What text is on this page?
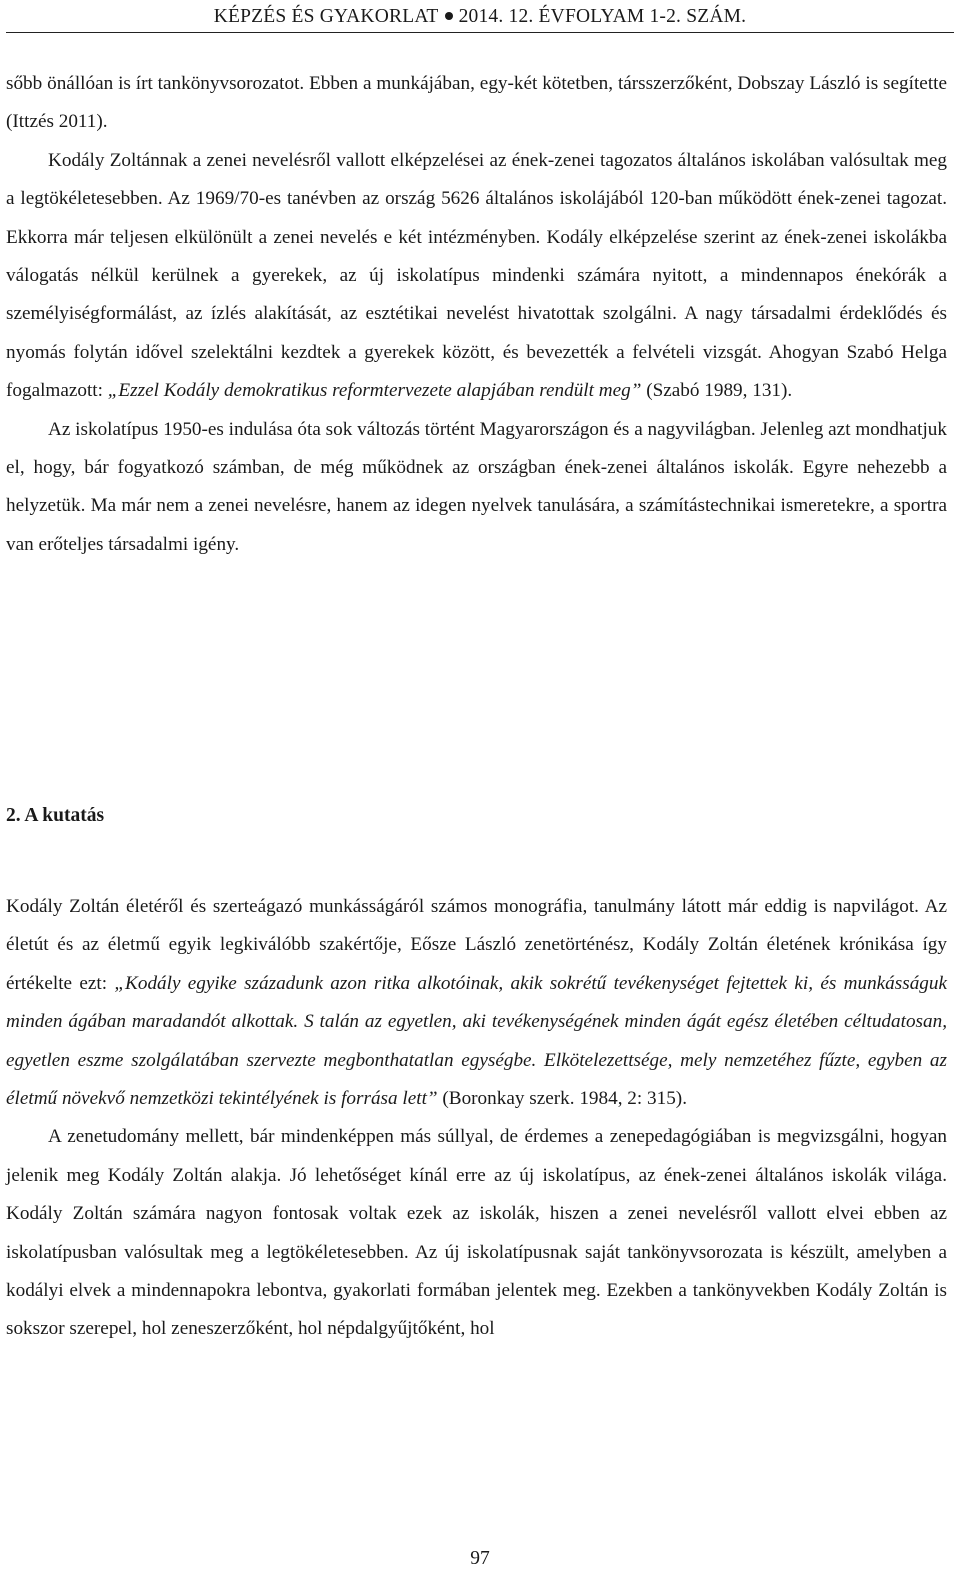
KÉPZÉS ÉS GYAKORLAT 2014. 12. ÉVFOLYAM 1-2. SZÁM.

sőbb önállóan is írt tankönyvsorozatot. Ebben a munkájában, egy-két kötetben, társszerzőként, Dobszay László is segítette (Ittzés 2011).

Kodály Zoltánnak a zenei nevelésről vallott elképzelései az ének-zenei tagozatos általános iskolában valósultak meg a legtökéletesebben. Az 1969/70-es tanévben az ország 5626 általános iskolájából 120-ban működött ének-zenei tagozat. Ekkorra már teljesen elkülönült a zenei nevelés e két intézményben. Kodály elképzelése szerint az ének-zenei iskolákba válogatás nélkül kerülnek a gyerekek, az új iskolatípus mindenki számára nyitott, a mindennapos énekórák a személyiségformálást, az ízlés alakítását, az esztétikai nevelést hivatottak szolgálni. A nagy társadalmi érdeklődés és nyomás folytán idővel szelektálni kezdtek a gyerekek között, és bevezették a felvételi vizsgát. Ahogyan Szabó Helga fogalmazott: „Ezzel Kodály demokratikus reformtervezete alapjában rendült meg” (Szabó 1989, 131).

Az iskolatípus 1950-es indulása óta sok változás történt Magyarországon és a nagyvilágban. Jelenleg azt mondhatjuk el, hogy, bár fogyatkozó számban, de még működnek az országban ének-zenei általános iskolák. Egyre nehezebb a helyzetük. Ma már nem a zenei nevelésre, hanem az idegen nyelvek tanulására, a számítástechnikai ismeretekre, a sportra van erőteljes társadalmi igény.

2. A kutatás

Kodály Zoltán életéről és szerteágazó munkásságáról számos monográfia, tanulmány látott már eddig is napvilágot. Az életút és az életmű egyik legkiválóbb szakértője, Eősze László zenetörténész, Kodály Zoltán életének krónikása így értékelte ezt: „Kodály egyike századunk azon ritka alkotóinak, akik sokrétű tevékenységet fejtettek ki, és munkásságuk minden ágában maradandót alkottak. S talán az egyetlen, aki tevékenységének minden ágát egész életében céltudatosan, egyetlen eszme szolgálatában szervezte megbonthatatlan egységbe. Elkötelezettsége, mely nemzetéhez fűzte, egyben az életmű növekvő nemzetközi tekintélyének is forrása lett” (Boronkay szerk. 1984, 2: 315).

A zenetudomány mellett, bár mindenképpen más súllyal, de érdemes a zenepedagógiában is megvizsgálni, hogyan jelenik meg Kodály Zoltán alakja. Jó lehetőséget kínál erre az új iskolatípus, az ének-zenei általános iskolák világa. Kodály Zoltán számára nagyon fontosak voltak ezek az iskolák, hiszen a zenei nevelésről vallott elvei ebben az iskolatípusban valósultak meg a legtökéletesebben. Az új iskolatípusnak saját tankönyvsorozata is készült, amelyben a kodályi elvek a mindennapokra lebontva, gyakorlati formában jelentek meg. Ezekben a tankönyvekben Kodály Zoltán is sokszor szerepel, hol zeneszerzőként, hol népdalgyűjtőként, hol

97
